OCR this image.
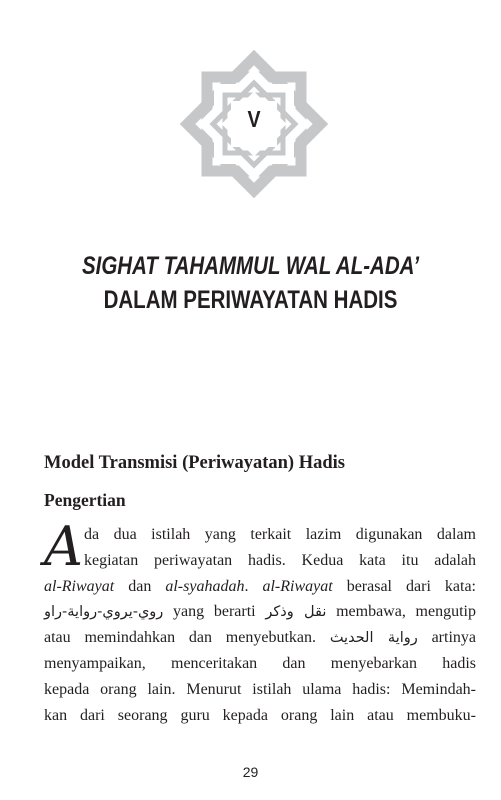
V
SIGHAT TAHAMMUL WAL AL-ADA’
DALAM PERIWAYATAN HADIS
Model Transmisi (Periwayatan) Hadis
Pengertian
A da dua istilah yang terkait lazim digunakan dalam
kegiatan periwayatan hadis. Kedua kata itu adalah
al-Riwayat dan al-syahadah. al-Riwayat berasal dari kata:
روي-يروي-رواية-راو yang berarti نقل وذكر membawa, mengutip
atau memindahkan dan menyebutkan. رواية الحديث artinya
menyampaikan, menceritakan dan menyebarkan hadis
kepada orang lain. Menurut istilah ulama hadis: Memindah-
kan dari seorang guru kepada orang lain atau membuku-
29
